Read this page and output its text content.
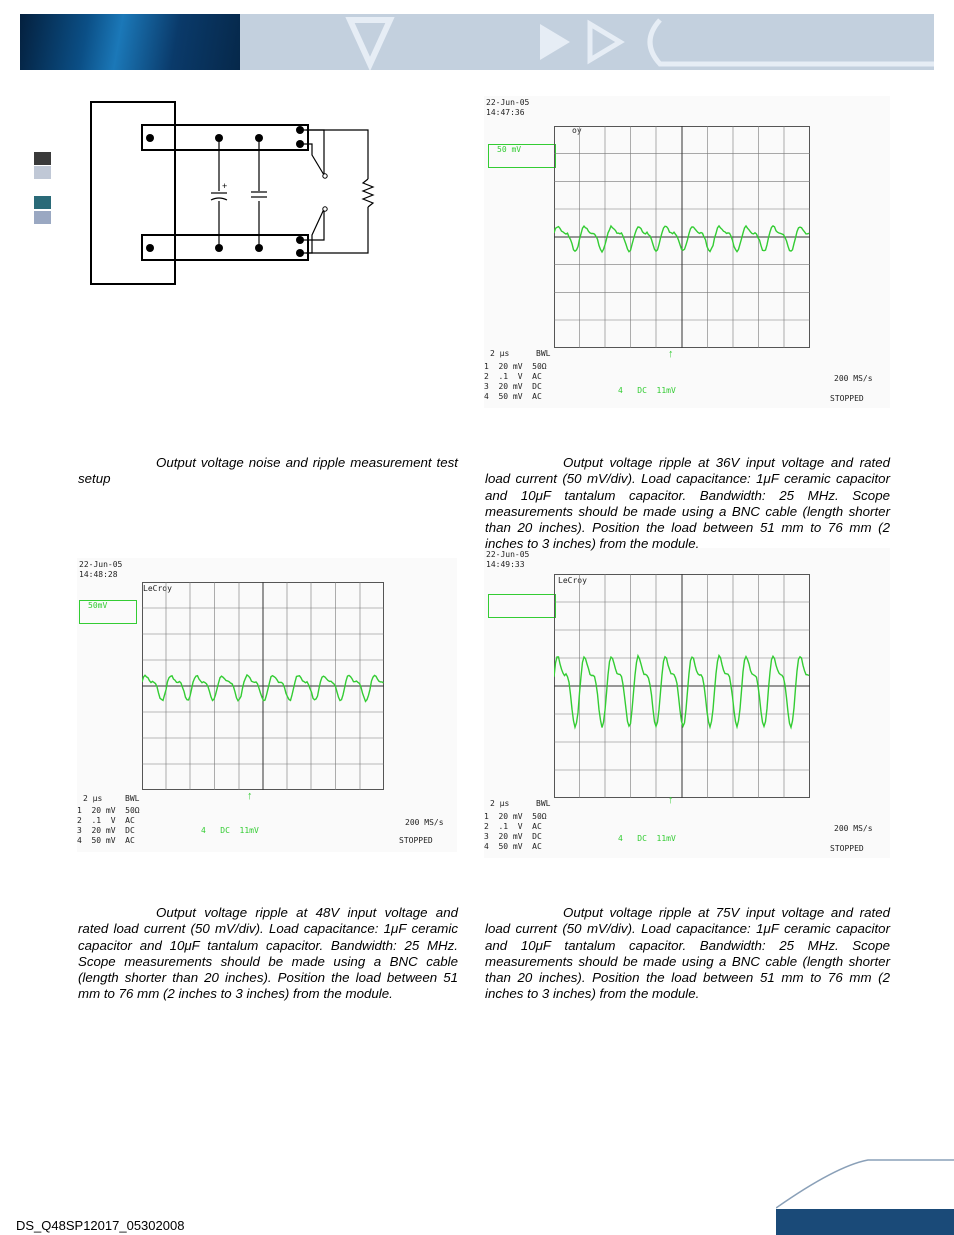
+
22-Jun-05
14:47:36
oy
50 mV
↑
2 μs	BWL
1  20 mV  50Ω
2  .1  V  AC
3  20 mV  DC
4  50 mV  AC
4   DC  11mV
200 MS/s
STOPPED
22-Jun-05
14:48:28
LeCroy
50mV
↑
2 μs	BWL
1  20 mV  50Ω
2  .1  V  AC
3  20 mV  DC
4  50 mV  AC
4   DC  11mV
200 MS/s
STOPPED
22-Jun-05
14:49:33
LeCroy
↑
2 μs	BWL
1  20 mV  50Ω
2  .1  V  AC
3  20 mV  DC
4  50 mV  AC
4   DC  11mV
200 MS/s
STOPPED
Output voltage noise and ripple measurement test setup
Output voltage ripple at 36V input voltage and rated load current (50 mV/div). Load capacitance: 1μF ceramic capacitor and 10μF tantalum capacitor. Bandwidth: 25 MHz. Scope measurements should be made using a BNC cable (length shorter than 20 inches). Position the load between 51 mm to 76 mm (2 inches to 3 inches) from the module.
Output voltage ripple at 48V input voltage and rated load current (50 mV/div). Load capacitance: 1μF ceramic capacitor and 10μF tantalum capacitor. Bandwidth: 25 MHz. Scope measurements should be made using a BNC cable (length shorter than 20 inches). Position the load between 51 mm to 76 mm (2 inches to 3 inches) from the module.
Output voltage ripple at 75V input voltage and rated load current (50 mV/div). Load capacitance: 1μF ceramic capacitor and 10μF tantalum capacitor. Bandwidth: 25 MHz. Scope measurements should be made using a BNC cable (length shorter than 20 inches). Position the load between 51 mm to 76 mm (2 inches to 3 inches) from the module.
DS_Q48SP12017_05302008
